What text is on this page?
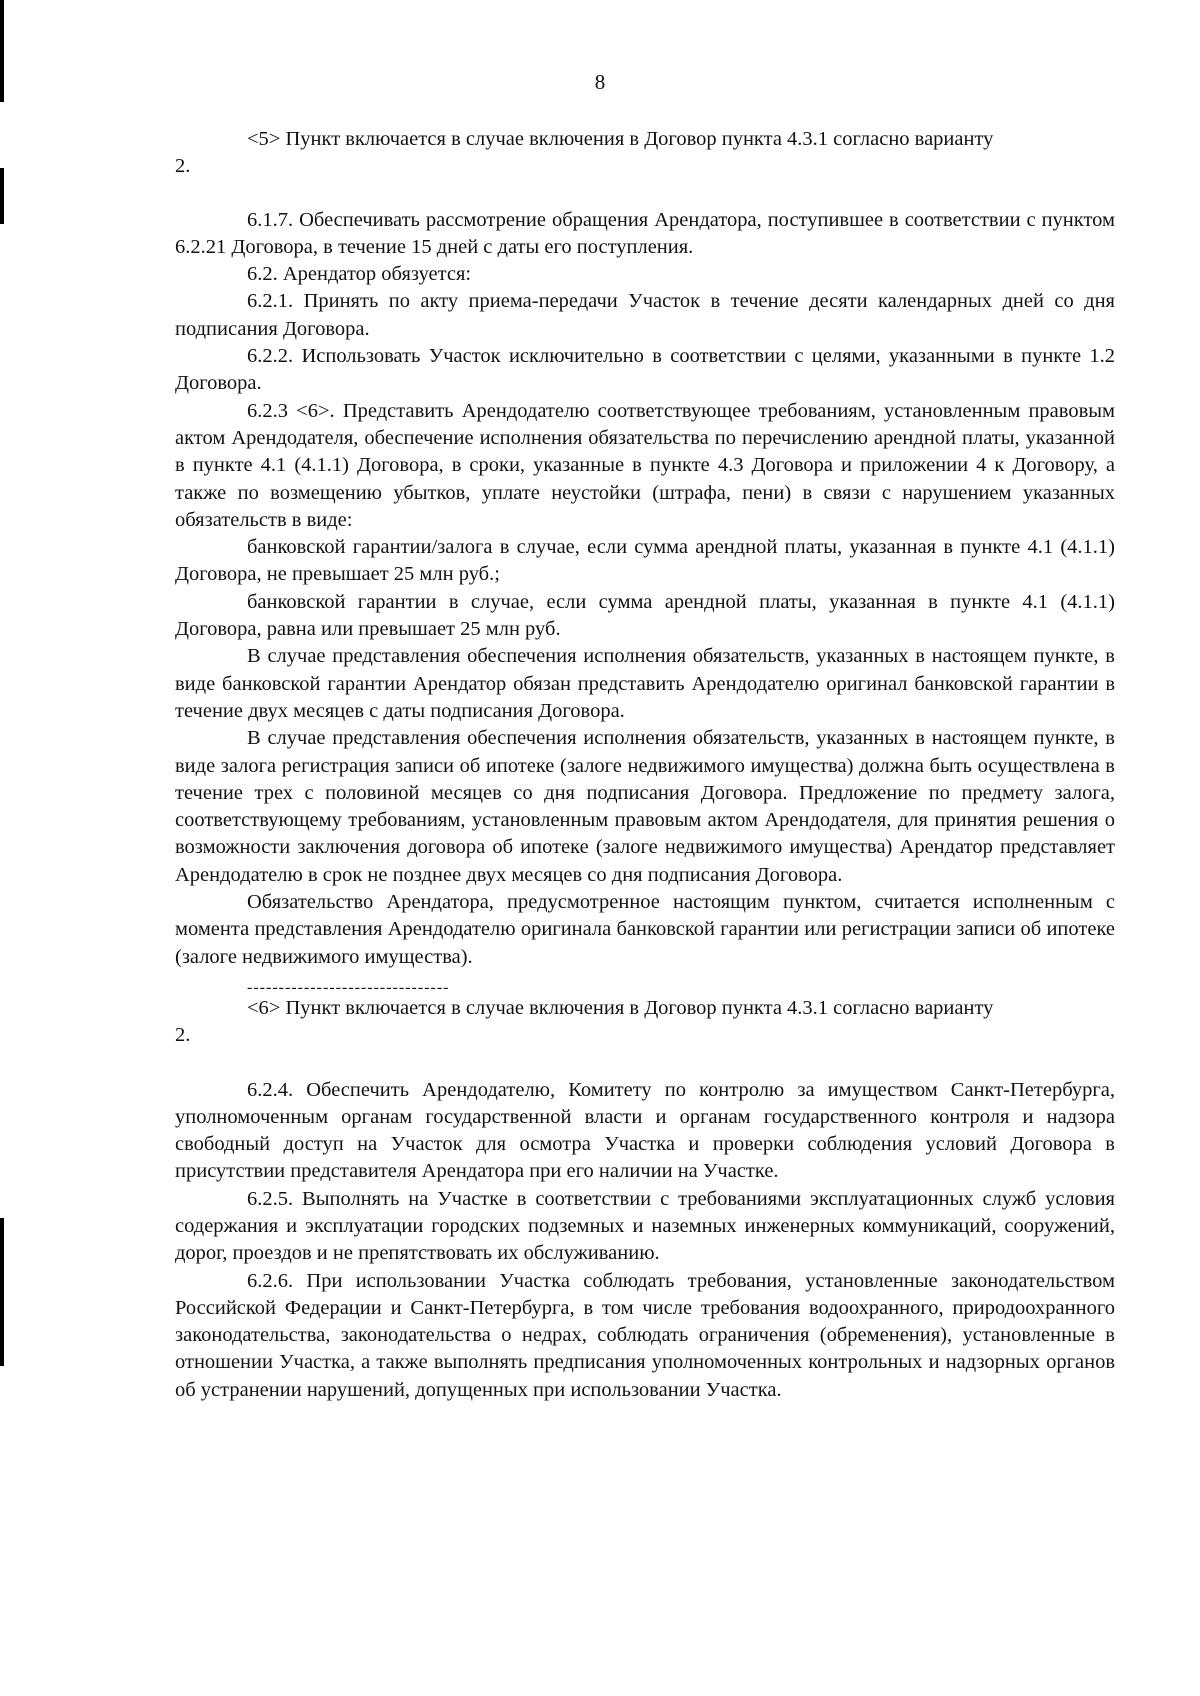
8

<5> Пункт включается в случае включения в Договор пункта 4.3.1 согласно варианту

2.

6.1.7. Обеспечивать рассмотрение обращения Арендатора, поступившее в соответствии с пунктом 6.2.21 Договора, в течение 15 дней с даты его поступления.

6.2. Арендатор обязуется:

6.2.1. Принять по акту приема-передачи Участок в течение десяти календарных дней со дня подписания Договора.

6.2.2. Использовать Участок исключительно в соответствии с целями, указанными в пункте 1.2 Договора.

6.2.3 <6>. Представить Арендодателю соответствующее требованиям, установленным правовым актом Арендодателя, обеспечение исполнения обязательства по перечислению арендной платы, указанной в пункте 4.1 (4.1.1) Договора, в сроки, указанные в пункте 4.3 Договора и приложении 4 к Договору, а также по возмещению убытков, уплате неустойки (штрафа, пени) в связи с нарушением указанных обязательств в виде:

банковской гарантии/залога в случае, если сумма арендной платы, указанная в пункте 4.1 (4.1.1) Договора, не превышает 25 млн руб.;

банковской гарантии в случае, если сумма арендной платы, указанная в пункте 4.1 (4.1.1) Договора, равна или превышает 25 млн руб.

В случае представления обеспечения исполнения обязательств, указанных в настоящем пункте, в виде банковской гарантии Арендатор обязан представить Арендодателю оригинал банковской гарантии в течение двух месяцев с даты подписания Договора.

В случае представления обеспечения исполнения обязательств, указанных в настоящем пункте, в виде залога регистрация записи об ипотеке (залоге недвижимого имущества) должна быть осуществлена в течение трех с половиной месяцев со дня подписания Договора. Предложение по предмету залога, соответствующему требованиям, установленным правовым актом Арендодателя, для принятия решения о возможности заключения договора об ипотеке (залоге недвижимого имущества) Арендатор представляет Арендодателю в срок не позднее двух месяцев со дня подписания Договора.

Обязательство Арендатора, предусмотренное настоящим пунктом, считается исполненным с момента представления Арендодателю оригинала банковской гарантии или регистрации записи об ипотеке (залоге недвижимого имущества).

--------------------------------

<6> Пункт включается в случае включения в Договор пункта 4.3.1 согласно варианту

2.

6.2.4. Обеспечить Арендодателю, Комитету по контролю за имуществом Санкт-Петербурга, уполномоченным органам государственной власти и органам государственного контроля и надзора свободный доступ на Участок для осмотра Участка и проверки соблюдения условий Договора в присутствии представителя Арендатора при его наличии на Участке.

6.2.5. Выполнять на Участке в соответствии с требованиями эксплуатационных служб условия содержания и эксплуатации городских подземных и наземных инженерных коммуникаций, сооружений, дорог, проездов и не препятствовать их обслуживанию.

6.2.6. При использовании Участка соблюдать требования, установленные законодательством Российской Федерации и Санкт-Петербурга, в том числе требования водоохранного, природоохранного законодательства, законодательства о недрах, соблюдать ограничения (обременения), установленные в отношении Участка, а также выполнять предписания уполномоченных контрольных и надзорных органов об устранении нарушений, допущенных при использовании Участка.
